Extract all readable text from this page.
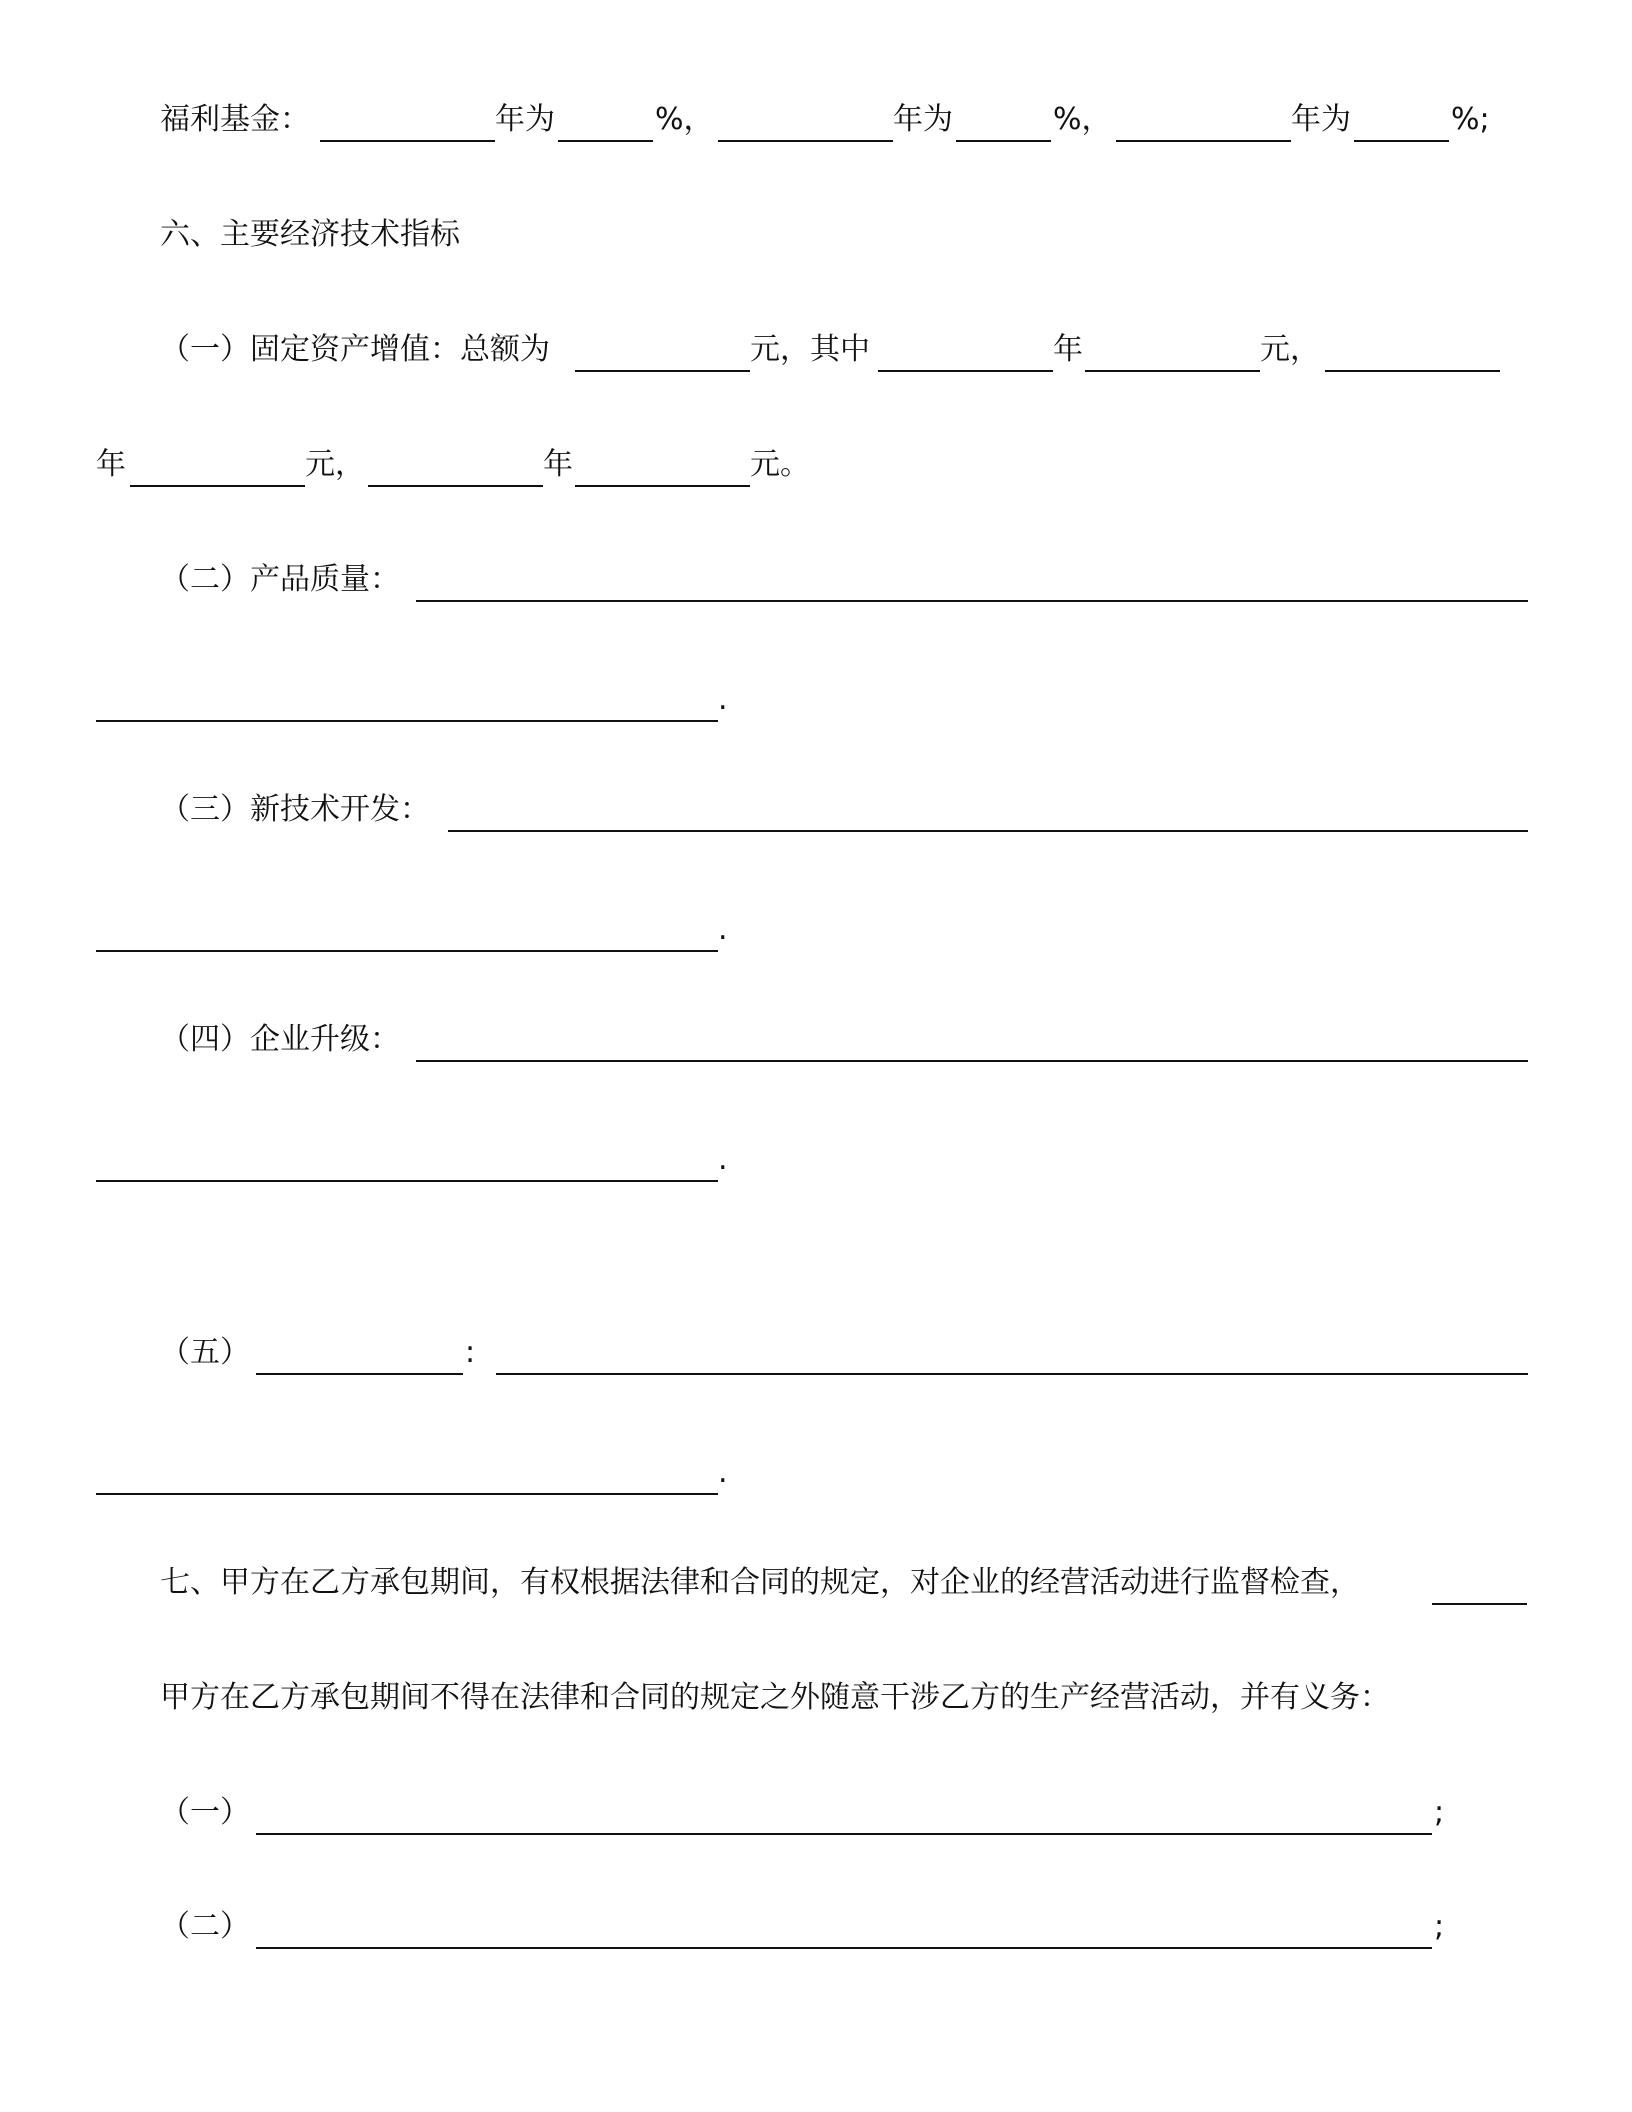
福利基金：	年为	%，	年为	%，	年为	%;
六、主要经济技术指标
（一）固定资产增值：总额为	元，其中	年	元，
年	元，	年	元。
（二）产品质量：
.
（三）新技术开发：
.
（四）企业升级：
.
（五）	:
.
七、甲方在乙方承包期间，有权根据法律和合同的规定，对企业的经营活动进行监督检查，
甲方在乙方承包期间不得在法律和合同的规定之外随意干涉乙方的生产经营活动，并有义务：
（一）	;
（二）	;
